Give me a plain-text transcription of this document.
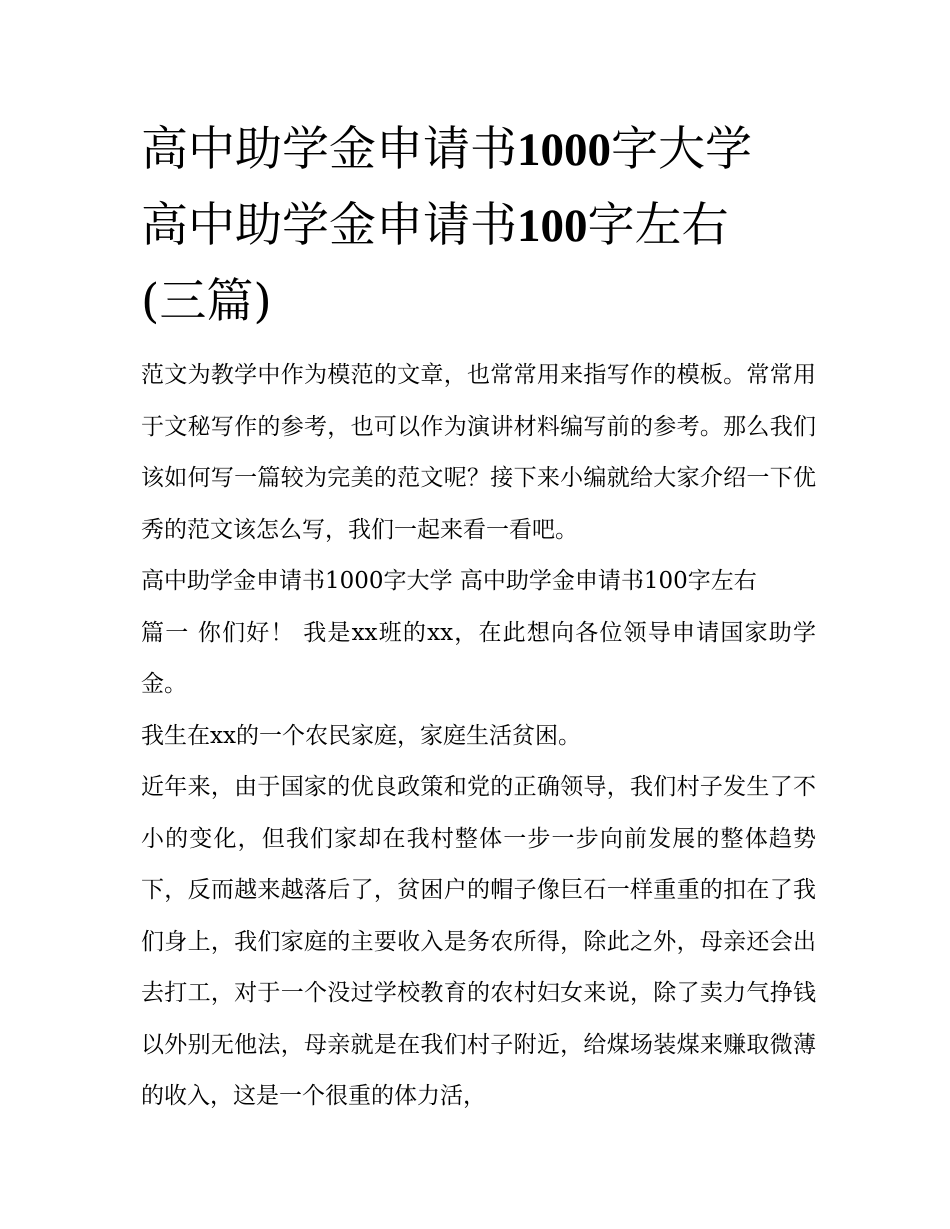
高中助学金申请书1000字大学
高中助学金申请书100字左右
(三篇)

范文为教学中作为模范的文章，也常常用来指写作的模板。常常用于文秘写作的参考，也可以作为演讲材料编写前的参考。那么我们该如何写一篇较为完美的范文呢？接下来小编就给大家介绍一下优秀的范文该怎么写，我们一起来看一看吧。

高中助学金申请书1000字大学 高中助学金申请书100字左右

篇一 你们好！ 我是xx班的xx，在此想向各位领导申请国家助学金。

我生在xx的一个农民家庭，家庭生活贫困。

近年来，由于国家的优良政策和党的正确领导，我们村子发生了不小的变化，但我们家却在我村整体一步一步向前发展的整体趋势下，反而越来越落后了，贫困户的帽子像巨石一样重重的扣在了我们身上，我们家庭的主要收入是务农所得，除此之外，母亲还会出去打工，对于一个没过学校教育的农村妇女来说，除了卖力气挣钱以外别无他法，母亲就是在我们村子附近，给煤场装煤来赚取微薄的收入，这是一个很重的体力活，
